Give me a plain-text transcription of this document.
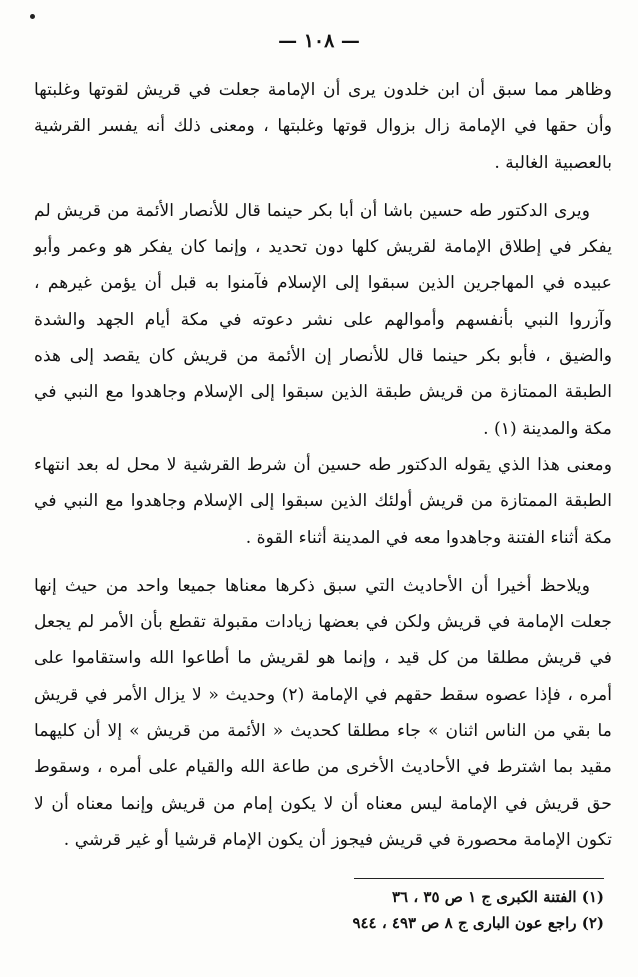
— ١٠٨ —

وظاهر مما سبق أن ابن خلدون يرى أن الإمامة جعلت في قريش لقوتها وغلبتها وأن حقها في الإمامة زال بزوال قوتها وغلبتها ، ومعنى ذلك أنه يفسر القرشية بالعصبية الغالبة .

ويرى الدكتور طه حسين باشا أن أبا بكر حينما قال للأنصار الأئمة من قريش لم يفكر في إطلاق الإمامة لقريش كلها دون تحديد ، وإنما كان يفكر هو وعمر وأبو عبيده في المهاجرين الذين سبقوا إلى الإسلام فآمنوا به قبل أن يؤمن غيرهم ، وآزروا النبي بأنفسهم وأموالهم على نشر دعوته في مكة أيام الجهد والشدة والضيق ، فأبو بكر حينما قال للأنصار إن الأئمة من قريش كان يقصد إلى هذه الطبقة الممتازة من قريش طبقة الذين سبقوا إلى الإسلام وجاهدوا مع النبي في مكة والمدينة (١) .

ومعنى هذا الذي يقوله الدكتور طه حسين أن شرط القرشية لا محل له بعد انتهاء الطبقة الممتازة من قريش أولئك الذين سبقوا إلى الإسلام وجاهدوا مع النبي في مكة أثناء الفتنة وجاهدوا معه في المدينة أثناء القوة .

ويلاحظ أخيرا أن الأحاديث التي سبق ذكرها معناها جميعا واحد من حيث إنها جعلت الإمامة في قريش ولكن في بعضها زيادات مقبولة تقطع بأن الأمر لم يجعل في قريش مطلقا من كل قيد ، وإنما هو لقريش ما أطاعوا الله واستقاموا على أمره ، فإذا عصوه سقط حقهم في الإمامة (٢) وحديث « لا يزال الأمر في قريش ما بقي من الناس اثنان » جاء مطلقا كحديث « الأئمة من قريش » إلا أن كليهما مقيد بما اشترط في الأحاديث الأخرى من طاعة الله والقيام على أمره ، وسقوط حق قريش في الإمامة ليس معناه أن لا يكون إمام من قريش وإنما معناه أن لا تكون الإمامة محصورة في قريش فيجوز أن يكون الإمام قرشيا أو غير قرشي .

(١) الفتنة الكبرى ج ١ ص ٣٥ ، ٣٦
(٢) راجع عون البارى ج ٨ ص ٤٩٣ ، ٩٤٤
